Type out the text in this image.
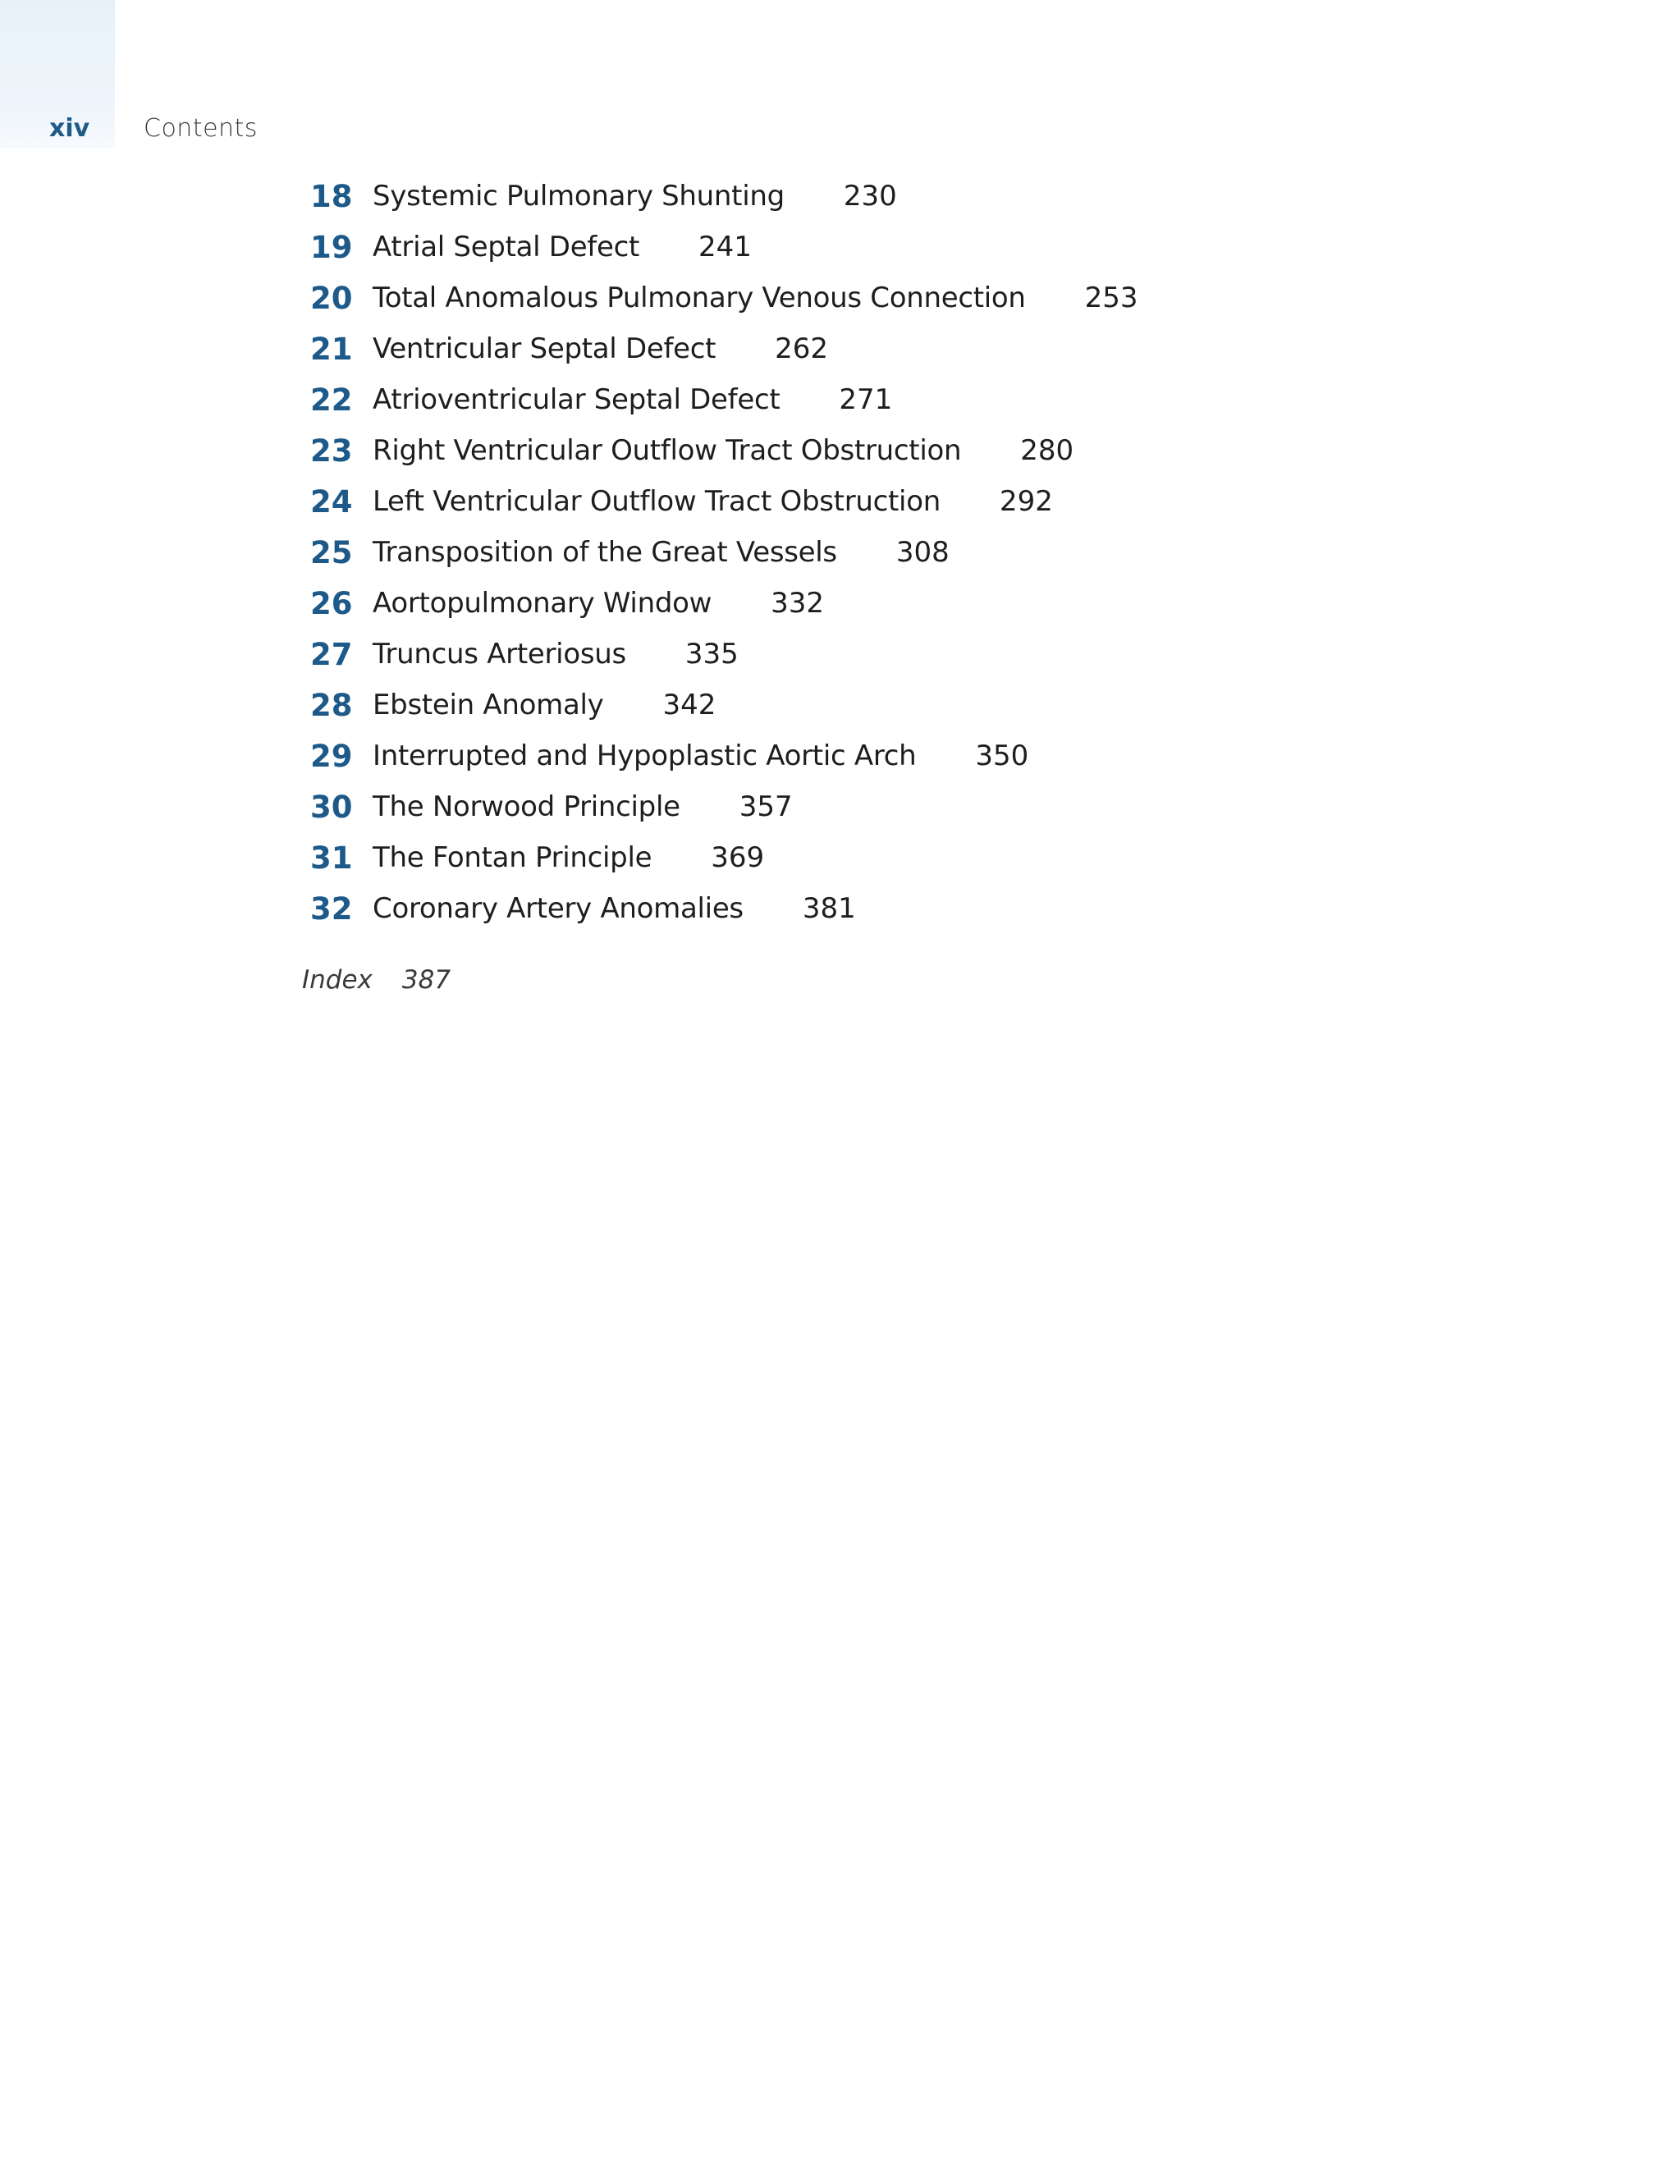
xiv	Contents
18 Systemic Pulmonary Shunting 230
19 Atrial Septal Defect 241
20 Total Anomalous Pulmonary Venous Connection 253
21 Ventricular Septal Defect 262
22 Atrioventricular Septal Defect 271
23 Right Ventricular Outflow Tract Obstruction 280
24 Left Ventricular Outflow Tract Obstruction 292
25 Transposition of the Great Vessels 308
26 Aortopulmonary Window 332
27 Truncus Arteriosus 335
28 Ebstein Anomaly 342
29 Interrupted and Hypoplastic Aortic Arch 350
30 The Norwood Principle 357
31 The Fontan Principle 369
32 Coronary Artery Anomalies 381
Index 387
